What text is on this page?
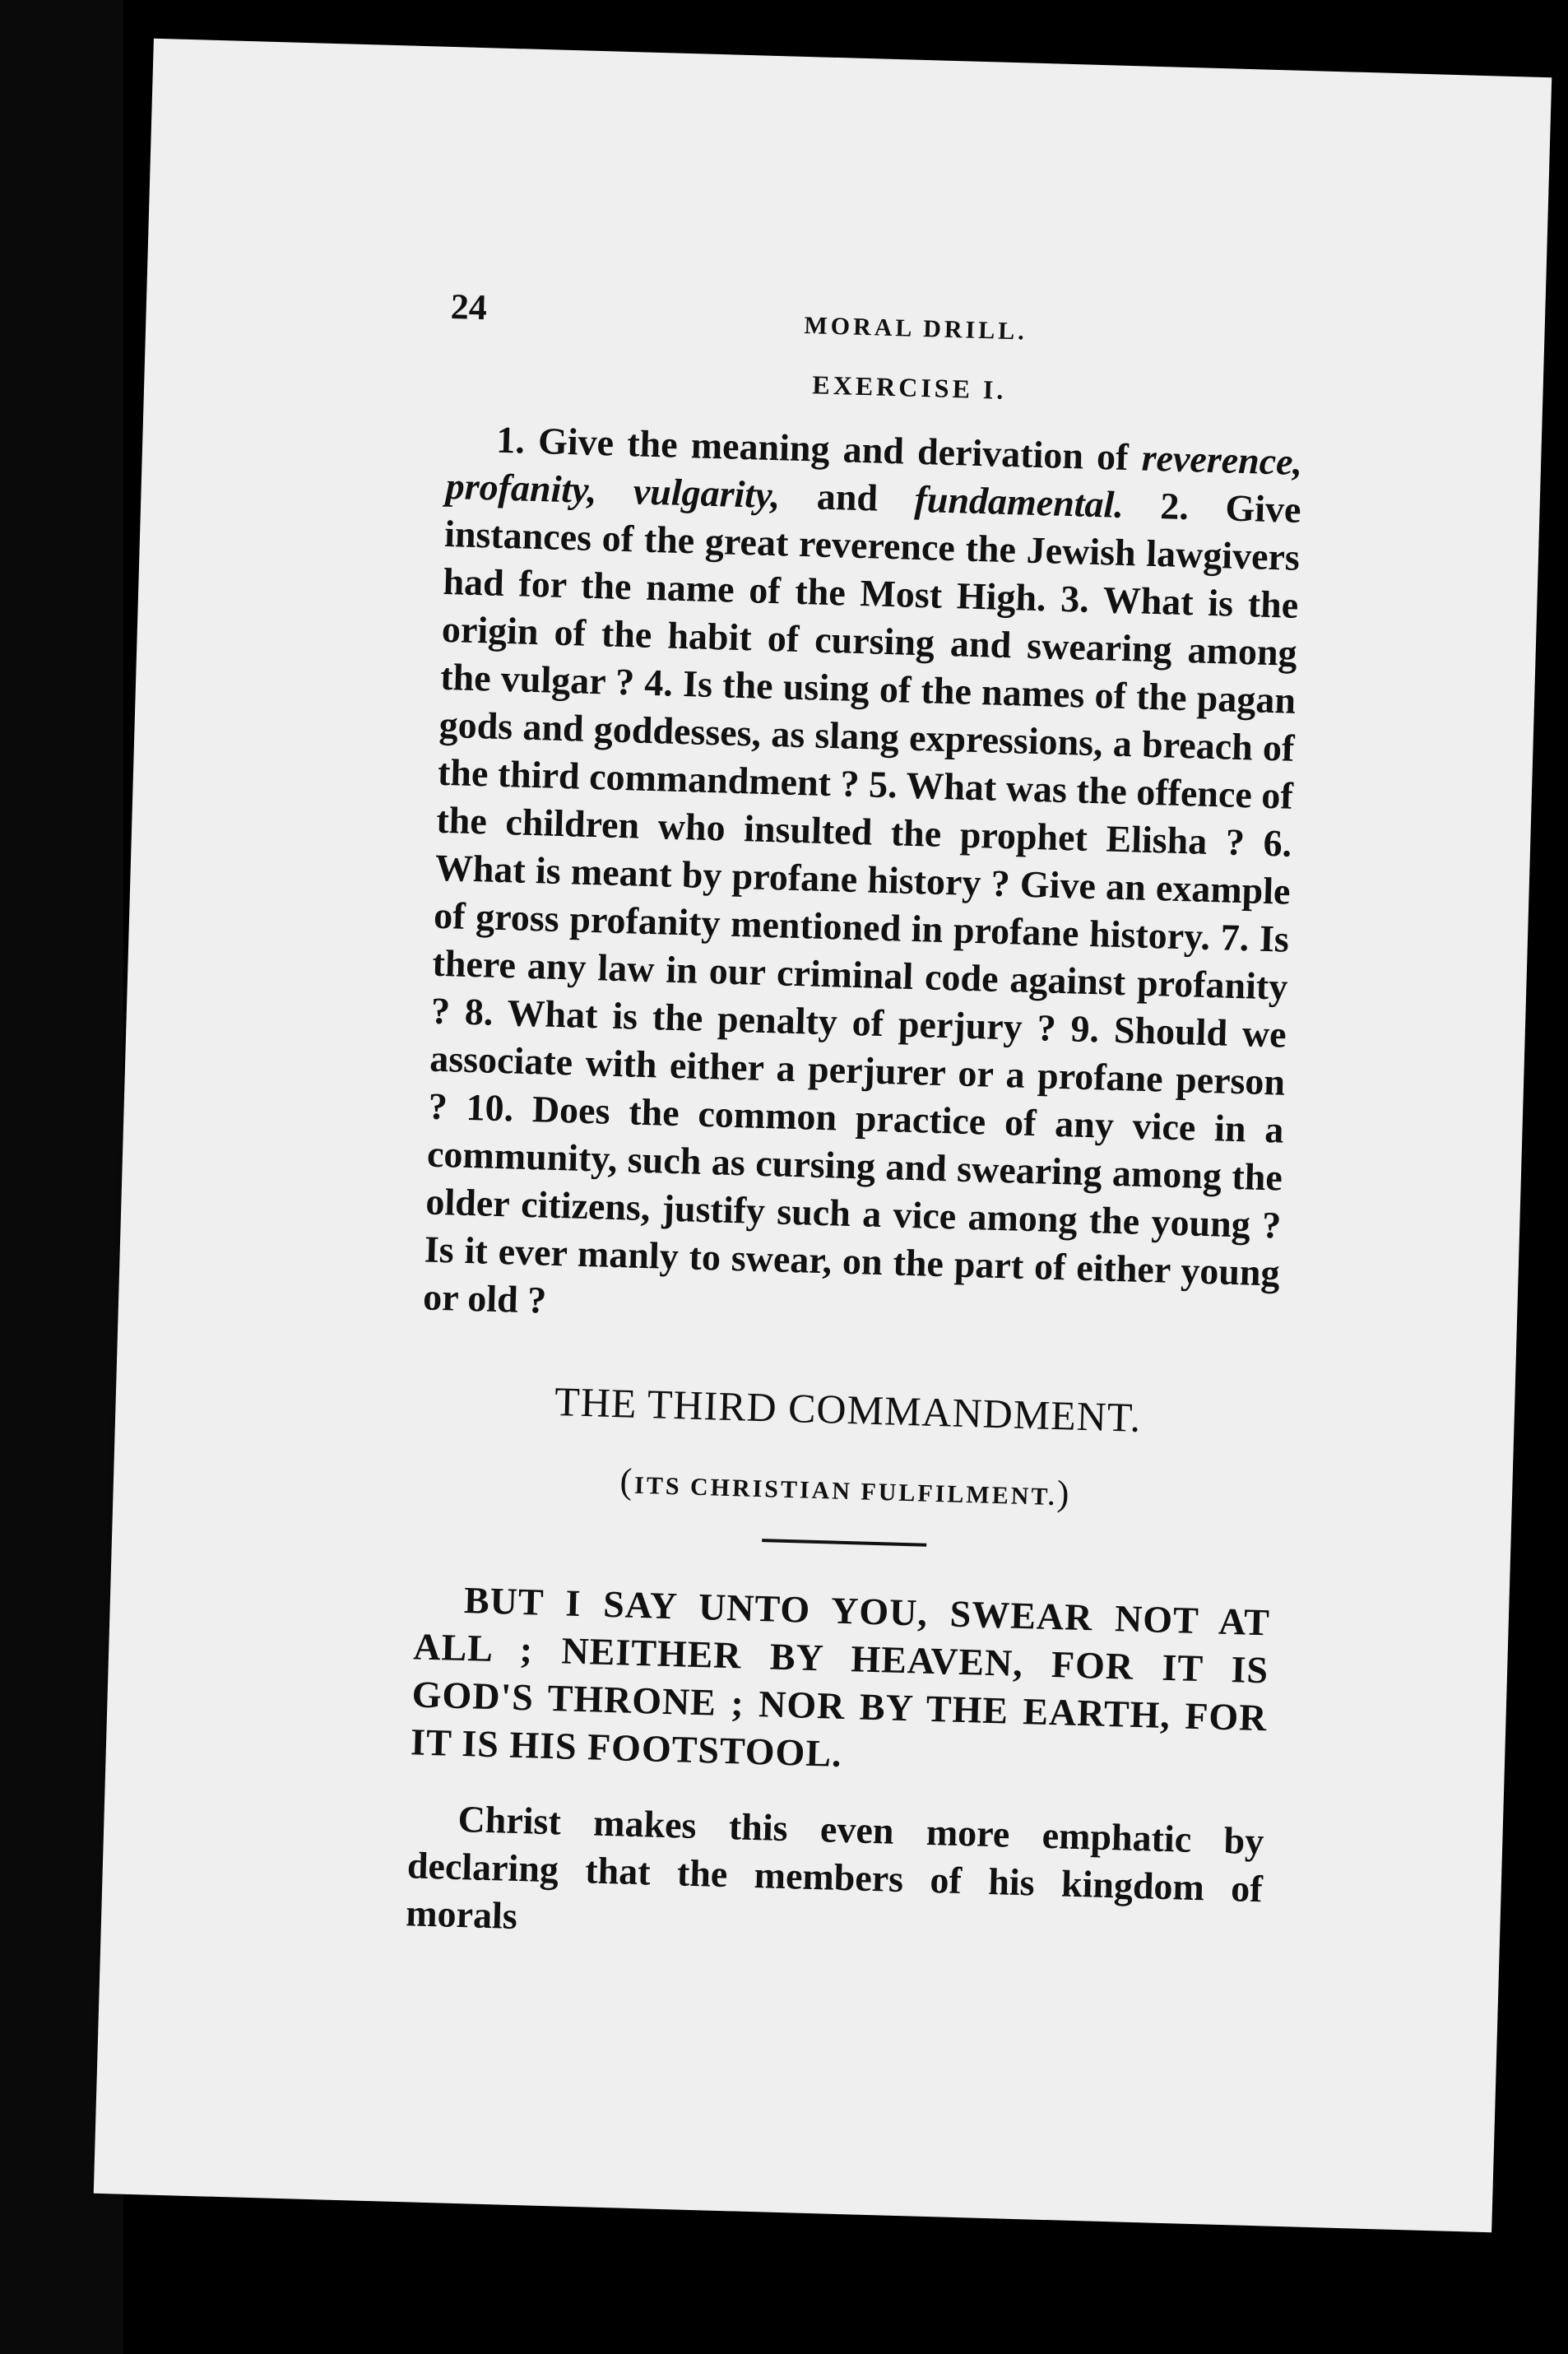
24
MORAL DRILL.
EXERCISE I.

1. Give the meaning and derivation of reverence, profanity, vulgarity, and fundamental. 2. Give instances of the great reverence the Jewish lawgivers had for the name of the Most High. 3. What is the origin of the habit of cursing and swearing among the vulgar ? 4. Is the using of the names of the pagan gods and goddesses, as slang expressions, a breach of the third commandment ? 5. What was the offence of the children who insulted the prophet Elisha ? 6. What is meant by profane history ? Give an example of gross profanity mentioned in profane history. 7. Is there any law in our criminal code against profanity ? 8. What is the penalty of perjury ? 9. Should we associate with either a perjurer or a profane person ? 10. Does the common practice of any vice in a community, such as cursing and swearing among the older citizens, justify such a vice among the young ? Is it ever manly to swear, on the part of either young or old ?

THE THIRD COMMANDMENT.
(ITS CHRISTIAN FULFILMENT.)

BUT I SAY UNTO YOU, SWEAR NOT AT ALL ; NEITHER BY HEAVEN, FOR IT IS GOD'S THRONE ; NOR BY THE EARTH, FOR IT IS HIS FOOTSTOOL.

Christ makes this even more emphatic by declaring that the members of his kingdom of morals
